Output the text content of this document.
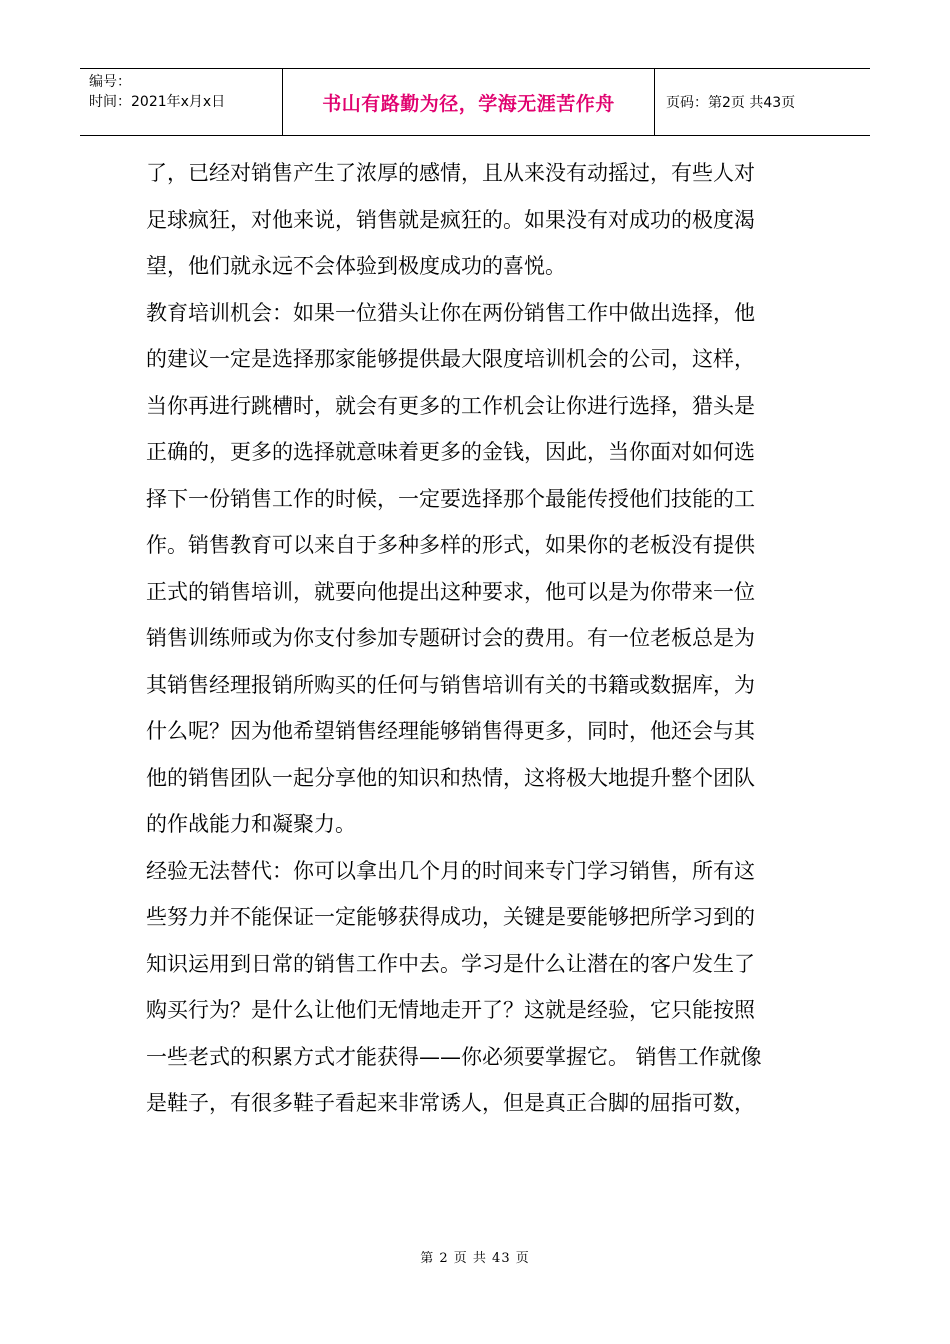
编号：
时间：2021年x月x日	书山有路勤为径，学海无涯苦作舟	页码：第2页 共43页

了，已经对销售产生了浓厚的感情，且从来没有动摇过，有些人对

足球疯狂，对他来说，销售就是疯狂的。如果没有对成功的极度渴

望，他们就永远不会体验到极度成功的喜悦。

教育培训机会：如果一位猎头让你在两份销售工作中做出选择，他

的建议一定是选择那家能够提供最大限度培训机会的公司，这样，

当你再进行跳槽时，就会有更多的工作机会让你进行选择，猎头是

正确的，更多的选择就意味着更多的金钱，因此，当你面对如何选

择下一份销售工作的时候，一定要选择那个最能传授他们技能的工

作。销售教育可以来自于多种多样的形式，如果你的老板没有提供

正式的销售培训，就要向他提出这种要求，他可以是为你带来一位

销售训练师或为你支付参加专题研讨会的费用。有一位老板总是为

其销售经理报销所购买的任何与销售培训有关的书籍或数据库，为

什么呢？因为他希望销售经理能够销售得更多，同时，他还会与其

他的销售团队一起分享他的知识和热情，这将极大地提升整个团队

的作战能力和凝聚力。

经验无法替代：你可以拿出几个月的时间来专门学习销售，所有这

些努力并不能保证一定能够获得成功，关键是要能够把所学习到的

知识运用到日常的销售工作中去。学习是什么让潜在的客户发生了

购买行为？是什么让他们无情地走开了？这就是经验，它只能按照

一些老式的积累方式才能获得——你必须要掌握它。 销售工作就像

是鞋子，有很多鞋子看起来非常诱人，但是真正合脚的屈指可数，

第 2 页 共 43 页
